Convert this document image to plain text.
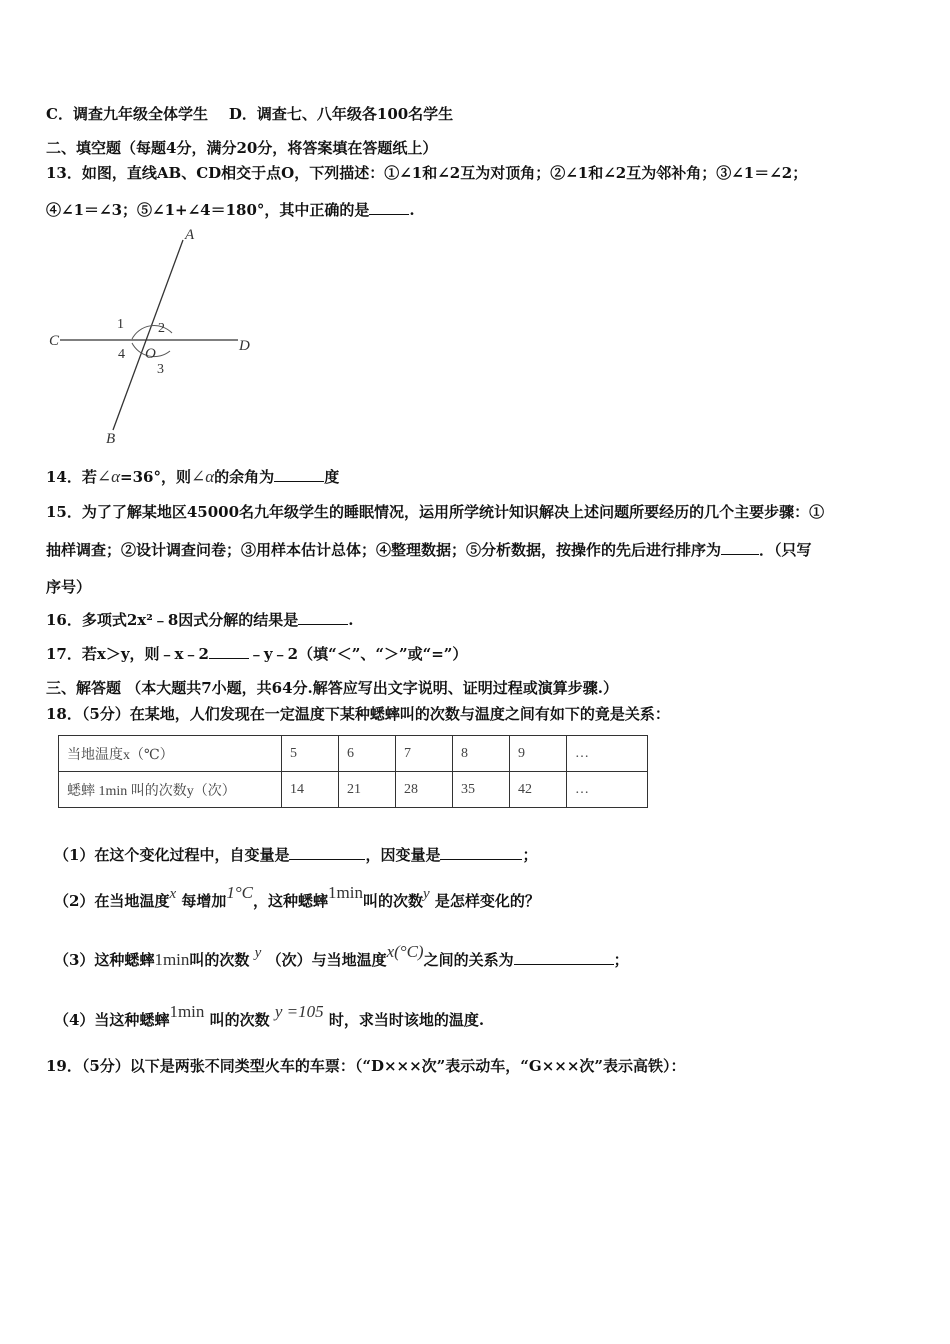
C．调查九年级全体学生 D．调查七、八年级各100名学生
二、填空题（每题4分，满分20分，将答案填在答题纸上）
13．如图，直线AB、CD相交于点O，下列描述：①∠1和∠2互为对顶角；②∠1和∠2互为邻补角；③∠1＝∠2；
④∠1＝∠3；⑤∠1+∠4＝180°，其中正确的是	.
A
B
C	D
O
1 2
3
4
14．若∠α=36°，则∠α的余角为	度
15．为了了解某地区45000名九年级学生的睡眠情况，运用所学统计知识解决上述问题所要经历的几个主要步骤：①
抽样调查；②设计调查问卷；③用样本估计总体；④整理数据；⑤分析数据，按操作的先后进行排序为	．（只写
序号）
16．多项式2x²﹣8因式分解的结果是	.
17．若x＞y，则﹣x﹣2	﹣y﹣2（填“＜”、“＞”或“=”）
三、解答题 （本大题共7小题，共64分.解答应写出文字说明、证明过程或演算步骤.）
18．（5分）在某地，人们发现在一定温度下某种蟋蟀叫的次数与温度之间有如下的竟是关系：
当地温度x（℃）	5	6	7	8	9	…
蟋蟀 1min 叫的次数y（次）	14	21	28	35	42	…
（1）在这个变化过程中，自变量是	，因变量是	；
（2）在当地温度x 每增加1°C，这种蟋蟀1min叫的次数y 是怎样变化的？
（3）这种蟋蟀1min叫的次数 y （次）与当地温度x(°C)之间的关系为	；
（4）当这种蟋蟀1min 叫的次数 y =105 时，求当时该地的温度.
19．（5分）以下是两张不同类型火车的车票：（“D×××次”表示动车，“G×××次”表示高铁）：
